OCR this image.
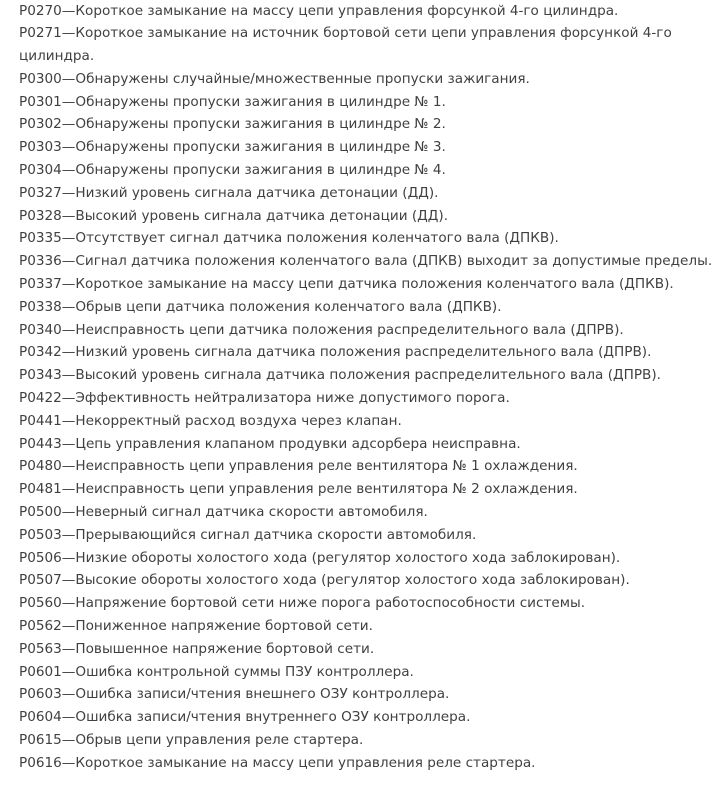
P0270—Короткое замыкание на массу цепи управления форсункой 4-го цилиндра.
P0271—Короткое замыкание на источник бортовой сети цепи управления форсункой 4-го цилиндра.
P0300—Обнаружены случайные/множественные пропуски зажигания.
P0301—Обнаружены пропуски зажигания в цилиндре № 1.
P0302—Обнаружены пропуски зажигания в цилиндре № 2.
P0303—Обнаружены пропуски зажигания в цилиндре № 3.
P0304—Обнаружены пропуски зажигания в цилиндре № 4.
P0327—Низкий уровень сигнала датчика детонации (ДД).
P0328—Высокий уровень сигнала датчика детонации (ДД).
P0335—Отсутствует сигнал датчика положения коленчатого вала (ДПКВ).
P0336—Сигнал датчика положения коленчатого вала (ДПКВ) выходит за допустимые пределы.
P0337—Короткое замыкание на массу цепи датчика положения коленчатого вала (ДПКВ).
P0338—Обрыв цепи датчика положения коленчатого вала (ДПКВ).
P0340—Неисправность цепи датчика положения распределительного вала (ДПРВ).
P0342—Низкий уровень сигнала датчика положения распределительного вала (ДПРВ).
P0343—Высокий уровень сигнала датчика положения распределительного вала (ДПРВ).
P0422—Эффективность нейтрализатора ниже допустимого порога.
P0441—Некорректный расход воздуха через клапан.
P0443—Цепь управления клапаном продувки адсорбера неисправна.
P0480—Неисправность цепи управления реле вентилятора № 1 охлаждения.
P0481—Неисправность цепи управления реле вентилятора № 2 охлаждения.
P0500—Неверный сигнал датчика скорости автомобиля.
P0503—Прерывающийся сигнал датчика скорости автомобиля.
P0506—Низкие обороты холостого хода (регулятор холостого хода заблокирован).
P0507—Высокие обороты холостого хода (регулятор холостого хода заблокирован).
P0560—Напряжение бортовой сети ниже порога работоспособности системы.
P0562—Пониженное напряжение бортовой сети.
P0563—Повышенное напряжение бортовой сети.
P0601—Ошибка контрольной суммы ПЗУ контроллера.
P0603—Ошибка записи/чтения внешнего ОЗУ контроллера.
P0604—Ошибка записи/чтения внутреннего ОЗУ контроллера.
P0615—Обрыв цепи управления реле стартера.
P0616—Короткое замыкание на массу цепи управления реле стартера.
